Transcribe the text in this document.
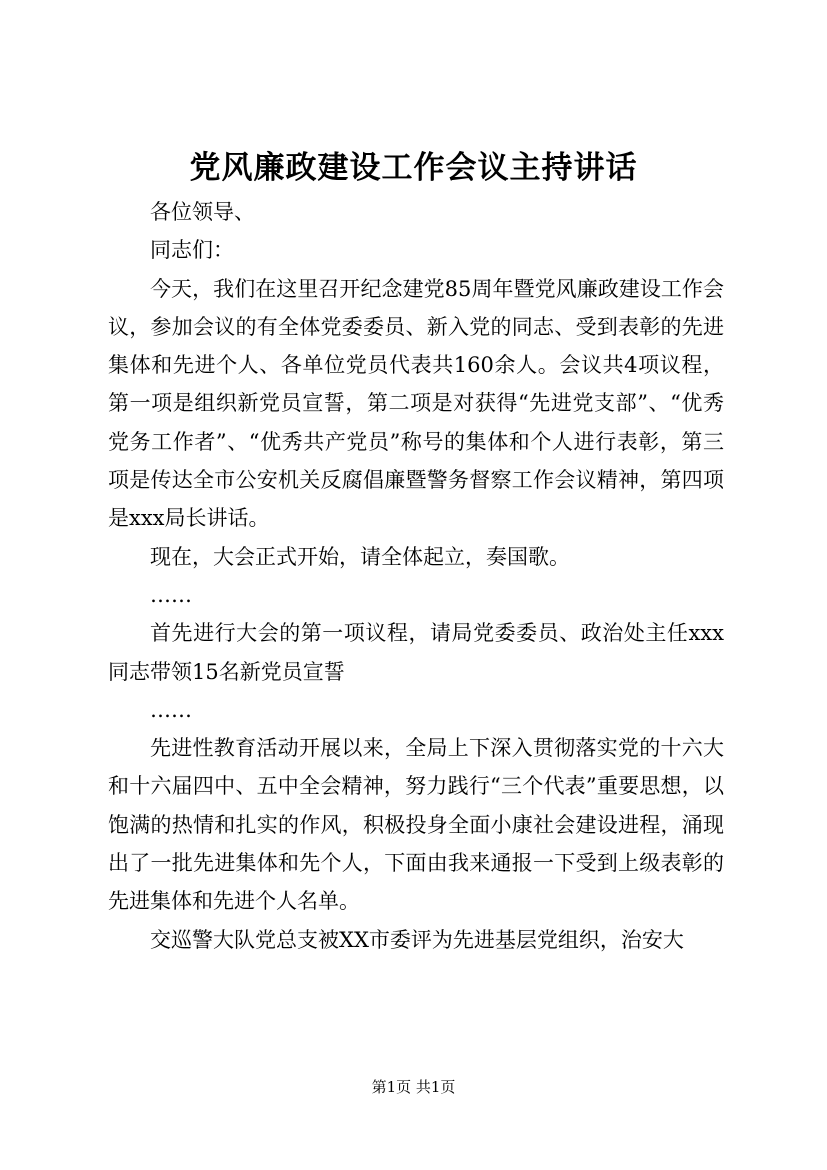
党风廉政建设工作会议主持讲话

各位领导、

同志们：

今天，我们在这里召开纪念建党85周年暨党风廉政建设工作会议，参加会议的有全体党委委员、新入党的同志、受到表彰的先进集体和先进个人、各单位党员代表共160余人。会议共4项议程，第一项是组织新党员宣誓，第二项是对获得“先进党支部”、“优秀党务工作者”、“优秀共产党员”称号的集体和个人进行表彰，第三项是传达全市公安机关反腐倡廉暨警务督察工作会议精神，第四项是xxx局长讲话。

现在，大会正式开始，请全体起立，奏国歌。

……

首先进行大会的第一项议程，请局党委委员、政治处主任xxx同志带领15名新党员宣誓

……

先进性教育活动开展以来，全局上下深入贯彻落实党的十六大和十六届四中、五中全会精神，努力践行“三个代表”重要思想，以饱满的热情和扎实的作风，积极投身全面小康社会建设进程，涌现出了一批先进集体和先个人，下面由我来通报一下受到上级表彰的先进集体和先进个人名单。

交巡警大队党总支被XX市委评为先进基层党组织，治安大

第1页 共1页
